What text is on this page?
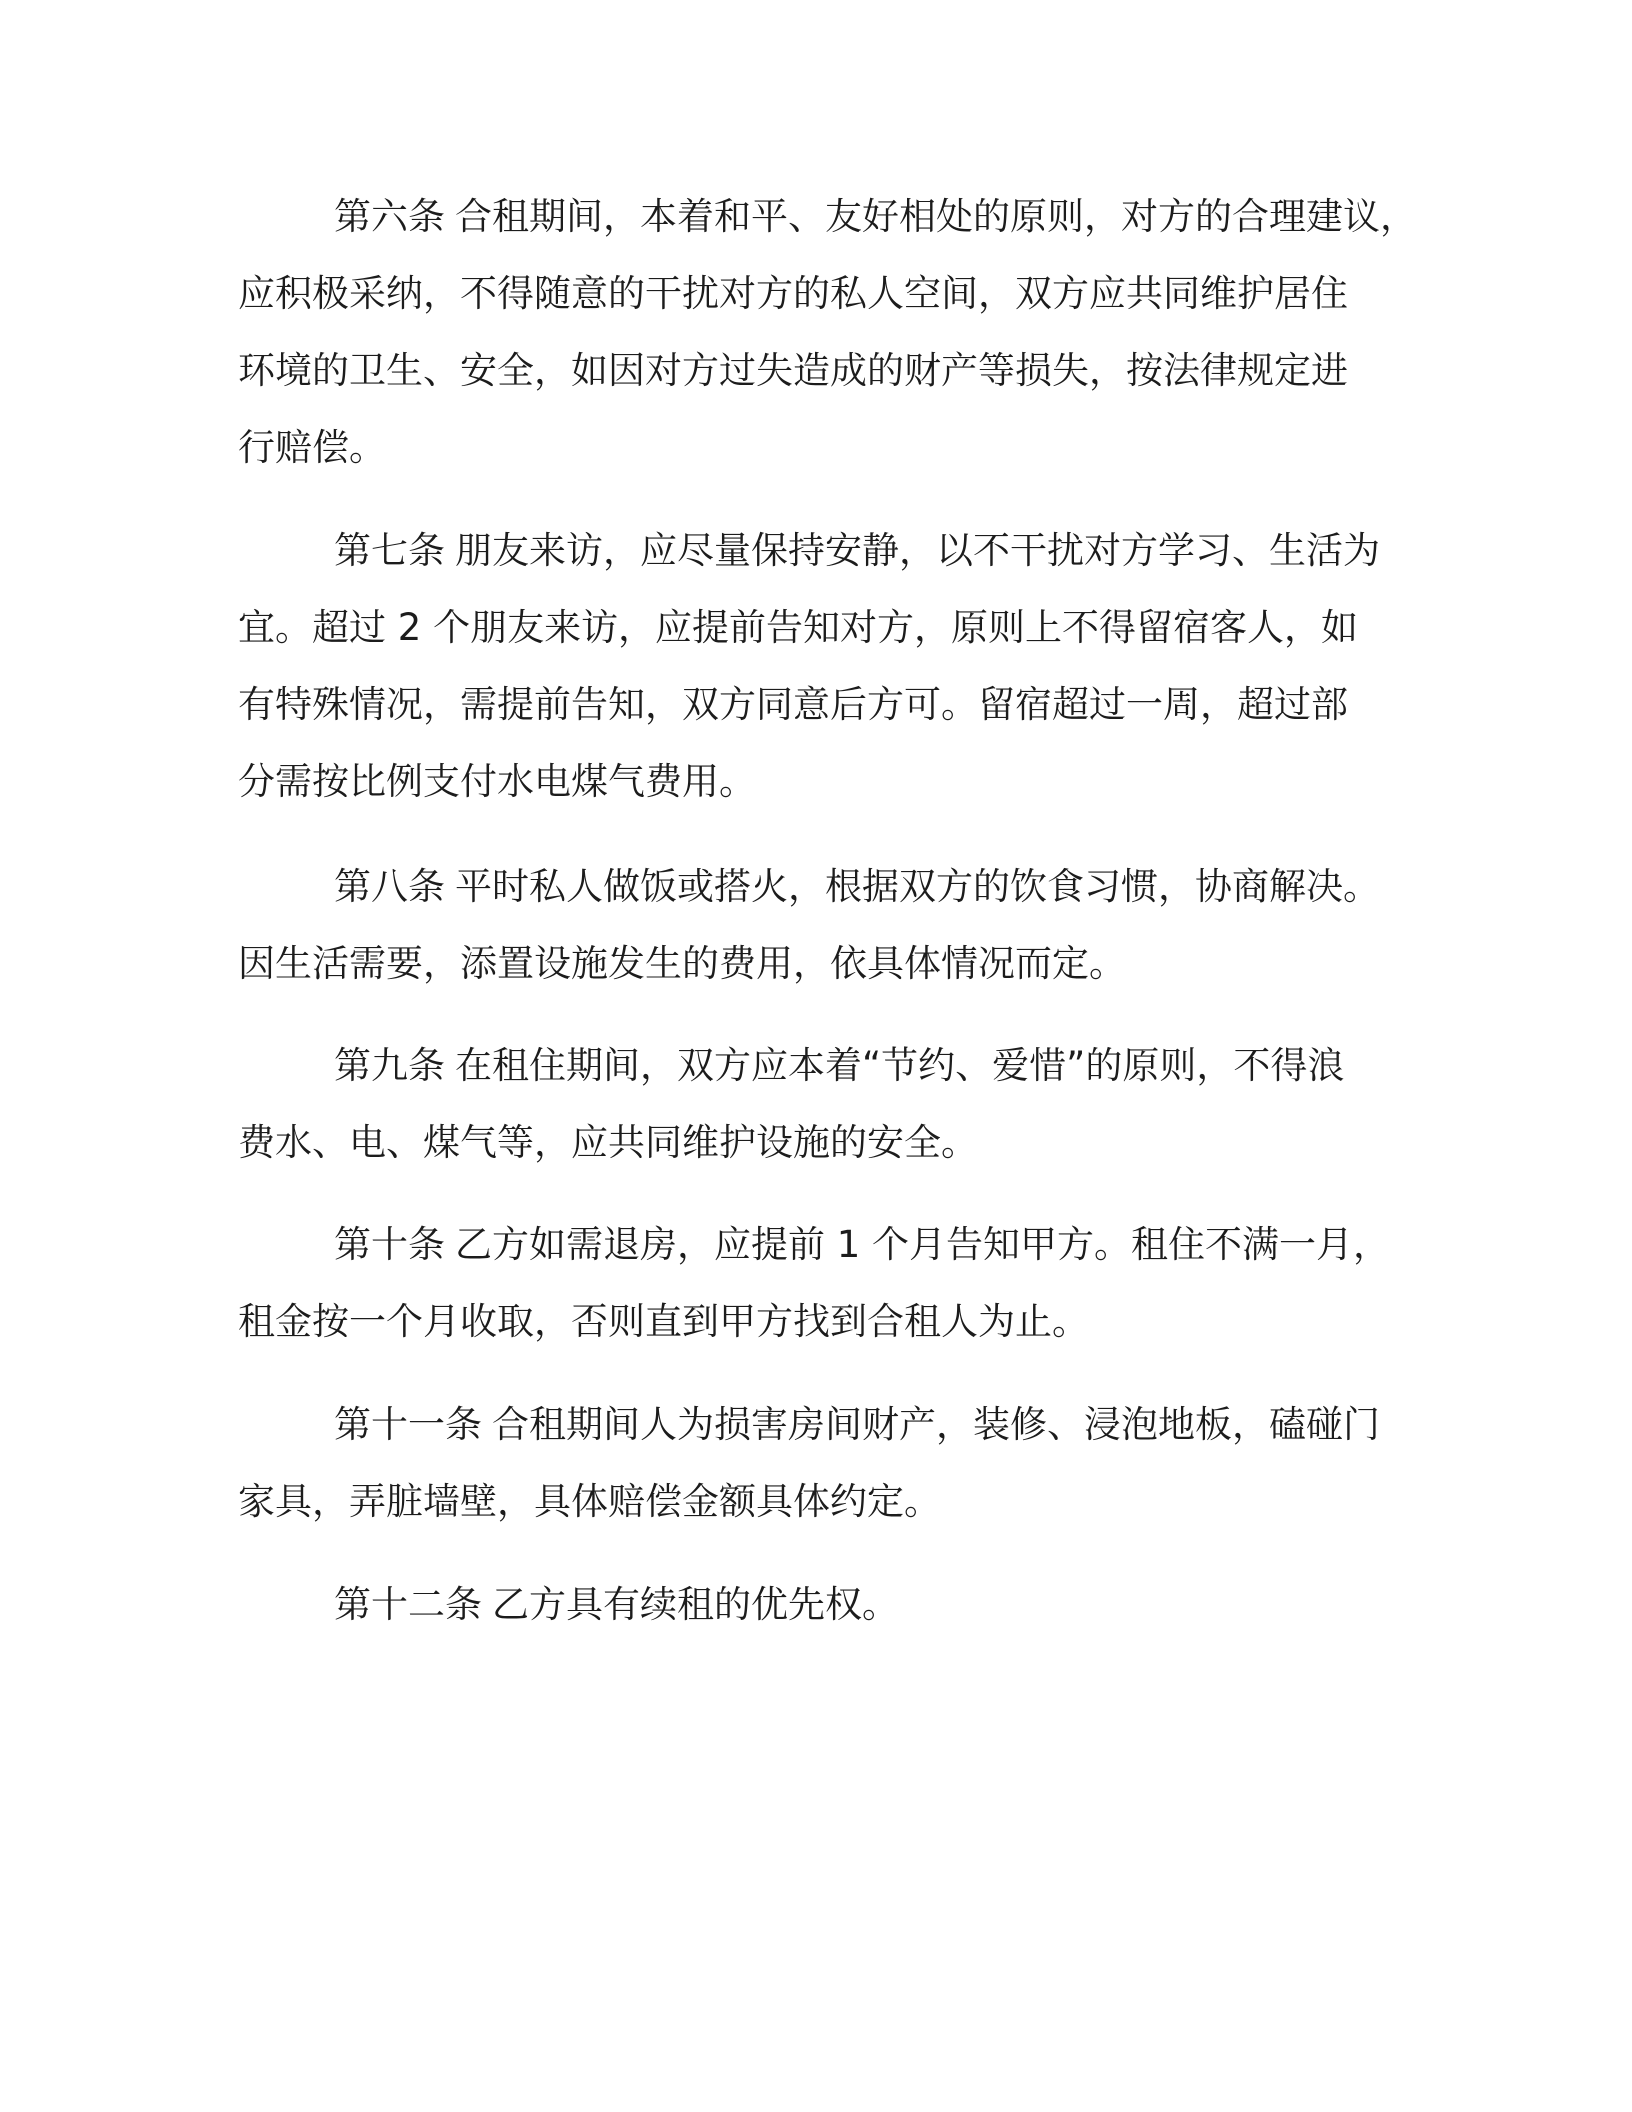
第六条 合租期间，本着和平、友好相处的原则，对方的合理建议，
应积极采纳，不得随意的干扰对方的私人空间，双方应共同维护居住
环境的卫生、安全，如因对方过失造成的财产等损失，按法律规定进
行赔偿。

第七条 朋友来访，应尽量保持安静，以不干扰对方学习、生活为
宜。超过 2 个朋友来访，应提前告知对方，原则上不得留宿客人，如
有特殊情况，需提前告知，双方同意后方可。留宿超过一周，超过部
分需按比例支付水电煤气费用。

第八条 平时私人做饭或搭火，根据双方的饮食习惯，协商解决。
因生活需要，添置设施发生的费用，依具体情况而定。

第九条 在租住期间，双方应本着“节约、爱惜”的原则，不得浪
费水、电、煤气等，应共同维护设施的安全。

第十条 乙方如需退房，应提前 1 个月告知甲方。租住不满一月，
租金按一个月收取，否则直到甲方找到合租人为止。

第十一条 合租期间人为损害房间财产，装修、浸泡地板，磕碰门
家具，弄脏墙壁，具体赔偿金额具体约定。

第十二条 乙方具有续租的优先权。
